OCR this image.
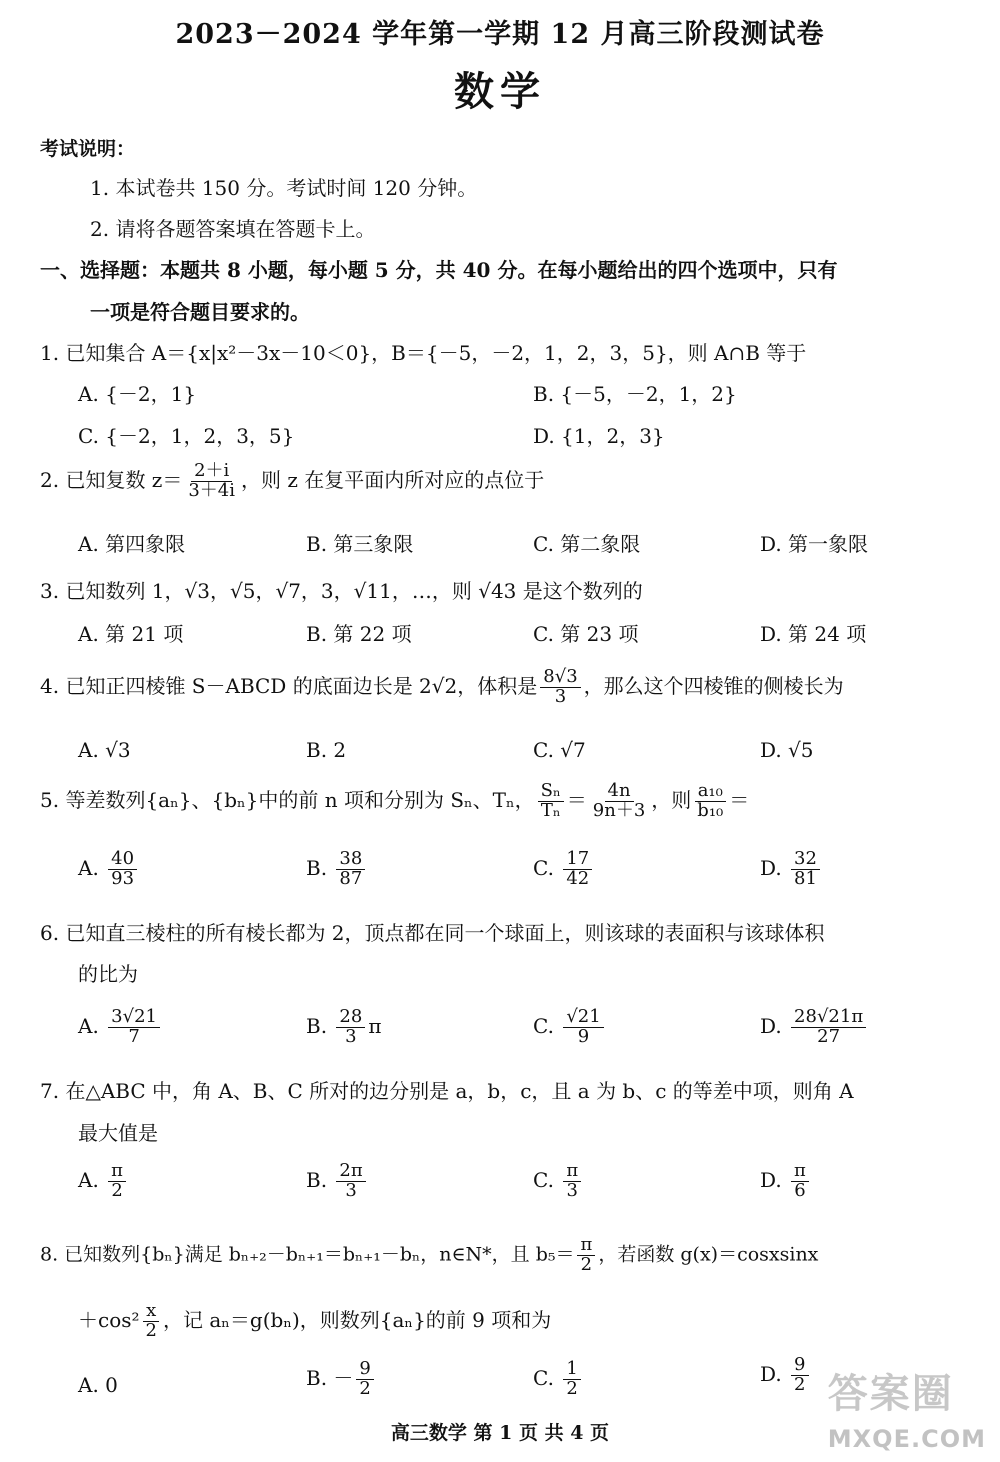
2023－2024 学年第一学期 12 月高三阶段测试卷
数学
考试说明：
1. 本试卷共 150 分。考试时间 120 分钟。
2. 请将各题答案填在答题卡上。
一、选择题：本题共 8 小题，每小题 5 分，共 40 分。在每小题给出的四个选项中，只有
一项是符合题目要求的。
1. 已知集合 A＝{x|x²－3x－10＜0}，B＝{－5，－2，1，2，3，5}，则 A∩B 等于
A. {－2，1}	B. {－5，－2，1，2}
C. {－2，1，2，3，5}	D. {1，2，3}
2. 已知复数 $z= \frac{2+i}{3+4i}$ ，则 z 在复平面内所对应的点位于
A. 第四象限	B. 第三象限	C. 第二象限	D. 第一象限
3. 已知数列 1，√3，√5，√7，3，√11，…，则 √43 是这个数列的
A. 第 21 项	B. 第 22 项	C. 第 23 项	D. 第 24 项
4. 已知正四棱锥 S－ABCD 的底面边长是 2√2，体积是 $\frac{8√3}{3}$ ，那么这个四棱锥的侧棱长为
A. √3	B. 2	C. √7	D. √5
5. 等差数列{aₙ}、{bₙ}中的前 n 项和分别为 Sₙ、Tₙ， $\frac{\text{Sₙ}}{\text{Tₙ}} = \frac{4n}{9n+3}$ ，则 $\frac{\text{a₁₀}}{\text{b₁₀}}$ ＝
A. $\frac{40}{93}$	B. $\frac{38}{87}$	C. $\frac{17}{42}$	D. $\frac{32}{81}$
6. 已知直三棱柱的所有棱长都为 2，顶点都在同一个球面上，则该球的表面积与该球体积
的比为
A. $\frac{3√21}{7}$	B. $\frac{28}{3}$ π	C. $\frac{√21}{9}$	D. $\frac{28√21\pi}{27}$
7. 在△ABC 中，角 A、B、C 所对的边分别是 a，b，c，且 a 为 b、c 的等差中项，则角 A
最大值是
A. $\frac{\pi}{2}$	B. $\frac{2\pi}{3}$	C. $\frac{\pi}{3}$	D. $\frac{\pi}{6}$
8. 已知数列{bₙ}满足 bₙ₊₂－bₙ₊₁＝bₙ₊₁－bₙ，n∈N*，且 $b_5= \frac{\pi}{2}$ ，若函数 g(x)＝cosxsinx
$+\cos^2 \frac{x}{2}$ ，记 aₙ＝g(bₙ)，则数列{aₙ}的前 9 项和为
A. 0	B. － $\frac{9}{2}$	C. $\frac{1}{2}$	D. $\frac{9}{2}$
高三数学 第 1 页 共 4 页
答案圈
MXQE.COM
